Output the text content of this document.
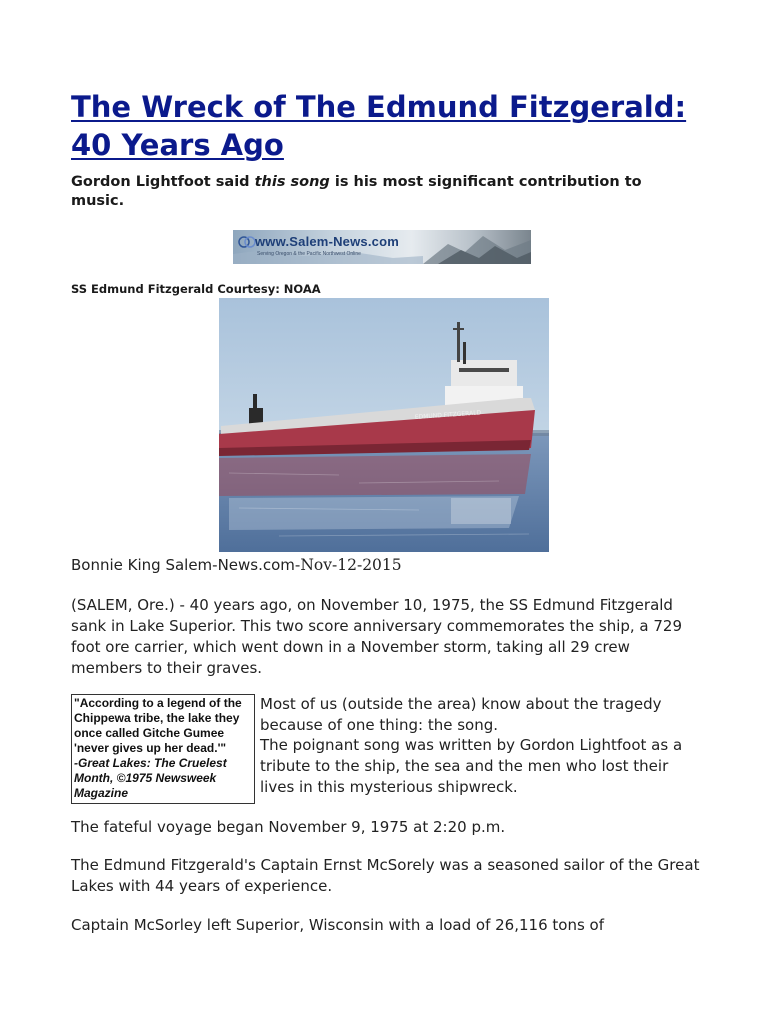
The Wreck of The Edmund Fitzgerald: 40 Years Ago

Gordon Lightfoot said this song is his most significant contribution to music.

www.Salem-News.com
Serving Oregon & the Pacific Northwest Online

SS Edmund Fitzgerald Courtesy: NOAA

EDMUND FITZGERALD

Bonnie King Salem-News.com-Nov-12-2015

(SALEM, Ore.) - 40 years ago, on November 10, 1975, the SS Edmund Fitzgerald sank in Lake Superior. This two score anniversary commemorates the ship, a 729 foot ore carrier, which went down in a November storm, taking all 29 crew members to their graves.

"According to a legend of the Chippewa tribe, the lake they once called Gitche Gumee 'never gives up her dead.'"
-Great Lakes: The Cruelest Month, ©1975 Newsweek Magazine

Most of us (outside the area) know about the tragedy because of one thing: the song.

The poignant song was written by Gordon Lightfoot as a tribute to the ship, the sea and the men who lost their lives in this mysterious shipwreck.

The fateful voyage began November 9, 1975 at 2:20 p.m.

The Edmund Fitzgerald's Captain Ernst McSorely was a seasoned sailor of the Great Lakes with 44 years of experience.

Captain McSorley left Superior, Wisconsin with a load of 26,116 tons of
